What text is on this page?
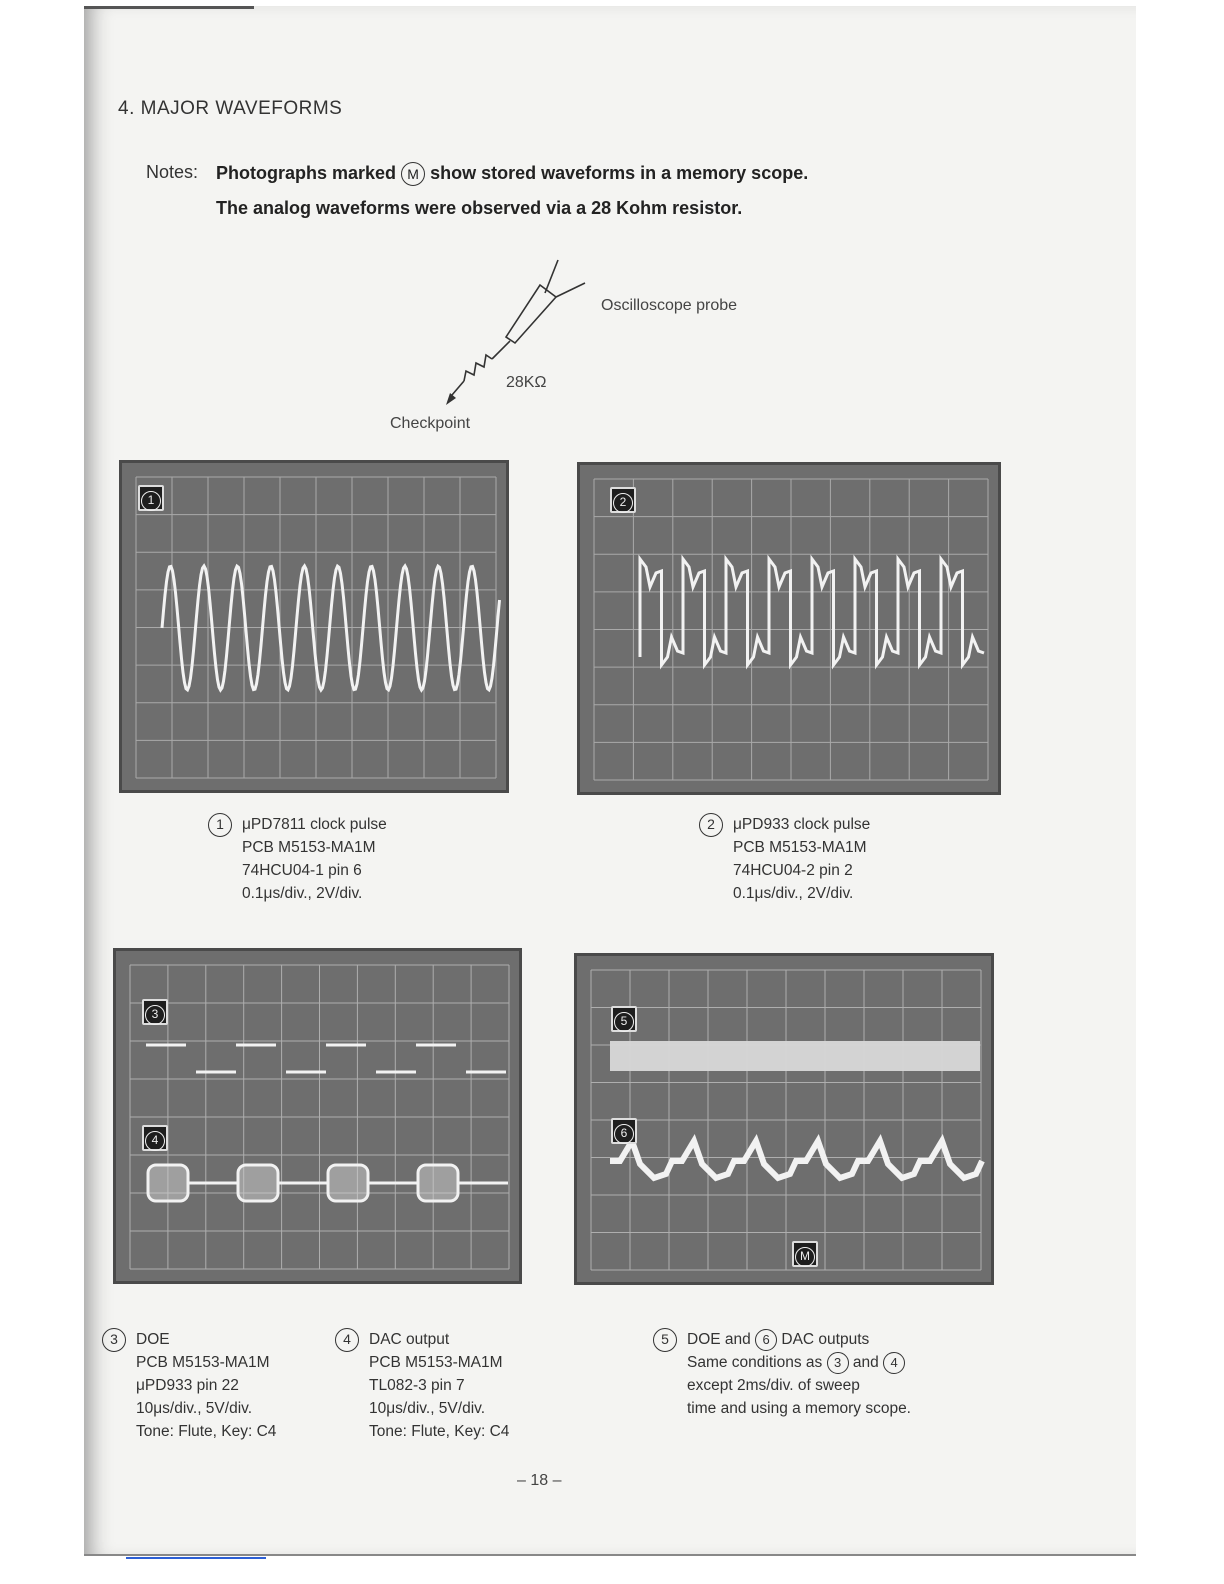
4. MAJOR WAVEFORMS
Notes: Photographs marked M show stored waveforms in a memory scope.
The analog waveforms were observed via a 28 Kohm resistor.
Oscilloscope probe
28KΩ
Checkpoint
1	2
3
4
5
6
M
1	μPD7811 clock pulse
PCB M5153-MA1M
74HCU04-1 pin 6
0.1μs/div., 2V/div.
2	μPD933 clock pulse
PCB M5153-MA1M
74HCU04-2 pin 2
0.1μs/div., 2V/div.
3	DOE
PCB M5153-MA1M
μPD933 pin 22
10μs/div., 5V/div.
Tone: Flute, Key: C4
4	DAC output
PCB M5153-MA1M
TL082-3 pin 7
10μs/div., 5V/div.
Tone: Flute, Key: C4
5	DOE and 6 DAC outputs
Same conditions as 3 and 4
except 2ms/div. of sweep
time and using a memory scope.
– 18 –
